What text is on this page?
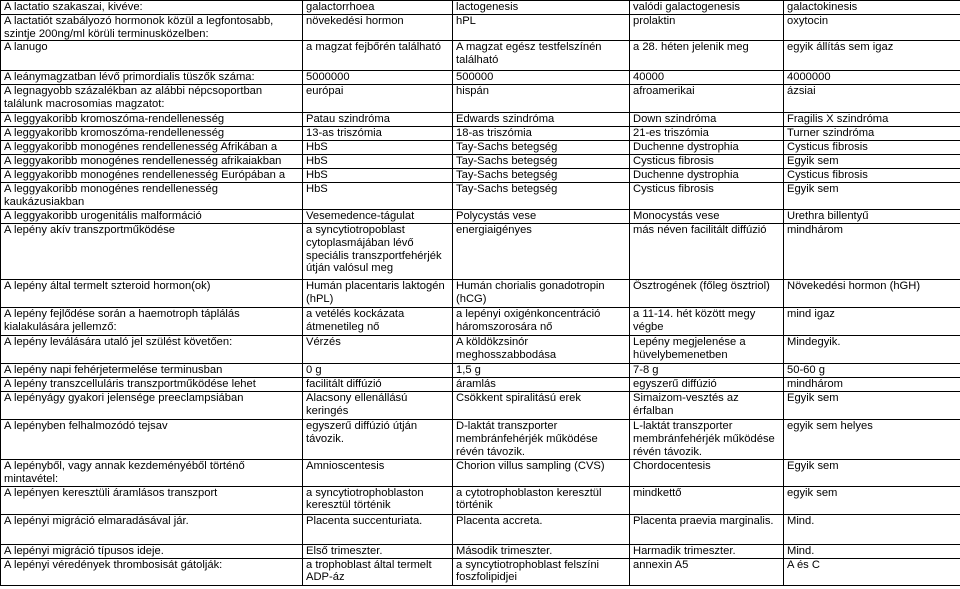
A lactatio szakaszai, kivéve:	galactorrhoea	lactogenesis	valódi galactogenesis	galactokinesis
A lactatiót szabályozó hormonok közül a legfontosabb, szintje 200ng/ml körüli terminusközelben:	növekedési hormon	hPL	prolaktin	oxytocin
A lanugo	a magzat fejbőrén található	A magzat egész testfelszínén található	a 28. héten jelenik meg	egyik állítás sem igaz
A leánymagzatban lévő primordialis tüszők száma:	5000000	500000	40000	4000000
A legnagyobb százalékban az alábbi népcsoportban találunk macrosomias magzatot:	európai	hispán	afroamerikai	ázsiai
A leggyakoribb kromoszóma-rendellenesség	Patau szindróma	Edwards szindróma	Down szindróma	Fragilis X szindróma
A leggyakoribb kromoszóma-rendellenesség	13-as triszómia	18-as triszómia	21-es triszómia	Turner szindróma
A leggyakoribb monogénes rendellenesség Afrikában a	HbS	Tay-Sachs betegség	Duchenne dystrophia	Cysticus fibrosis
A leggyakoribb monogénes rendellenesség afrikaiakban	HbS	Tay-Sachs betegség	Cysticus fibrosis	Egyik sem
A leggyakoribb monogénes rendellenesség Európában a	HbS	Tay-Sachs betegség	Duchenne dystrophia	Cysticus fibrosis
A leggyakoribb monogénes rendellenesség kaukázusiakban	HbS	Tay-Sachs betegség	Cysticus fibrosis	Egyik sem
A leggyakoribb urogenitális malformáció	Vesemedence-tágulat	Polycystás vese	Monocystás vese	Urethra billentyű
A lepény akív transzportműködése	a syncytiotropoblast cytoplasmájában lévő speciális transzportfehérjék útján valósul meg	energiaigényes	más néven facilitált diffúzió	mindhárom
A lepény által termelt szteroid hormon(ok)	Humán placentaris laktogén (hPL)	Humán chorialis gonadotropin (hCG)	Ösztrogének (főleg ösztriol)	Növekedési hormon (hGH)
A lepény fejlődése során a haemotroph táplálás kialakulására jellemző:	a vetélés kockázata átmenetileg nő	a lepényi oxigénkoncentráció háromszorosára nő	a 11-14. hét között megy végbe	mind igaz
A lepény leválására utaló jel szülést követően:	Vérzés	A köldökzsinór meghosszabbodása	Lepény megjelenése a hüvelybemenetben	Mindegyik.
A lepény napi fehérjetermelése terminusban	0 g	1,5 g	7-8 g	50-60 g
A lepény transzcelluláris transzportműködése lehet	facilitált diffúzió	áramlás	egyszerű diffúzió	mindhárom
A lepényágy gyakori jelensége preeclampsiában	Alacsony ellenállású keringés	Csökkent spiralitású erek	Simaizom-vesztés az érfalban	Egyik sem
A lepényben felhalmozódó tejsav	egyszerű diffúzió útján távozik.	D-laktát transzporter membránfehérjék működése révén távozik.	L-laktát transzporter membránfehérjék működése révén távozik.	egyik sem helyes
A lepényből, vagy annak kezdeményéből történő mintavétel:	Amnioscentesis	Chorion villus sampling (CVS)	Chordocentesis	Egyik sem
A lepényen keresztüli áramlásos transzport	a syncytiotrophoblaston keresztül történik	a cytotrophoblaston keresztül történik	mindkettő	egyik sem
A lepényi migráció elmaradásával jár.	Placenta succenturiata.	Placenta accreta.	Placenta praevia marginalis.	Mind.
A lepényi migráció típusos ideje.	Első trimeszter.	Második trimeszter.	Harmadik trimeszter.	Mind.
A lepényi véredények thrombosisát gátolják:	a trophoblast által termelt ADP-áz	a syncytiotrophoblast felszíni foszfolipidjei	annexin A5	A és C
